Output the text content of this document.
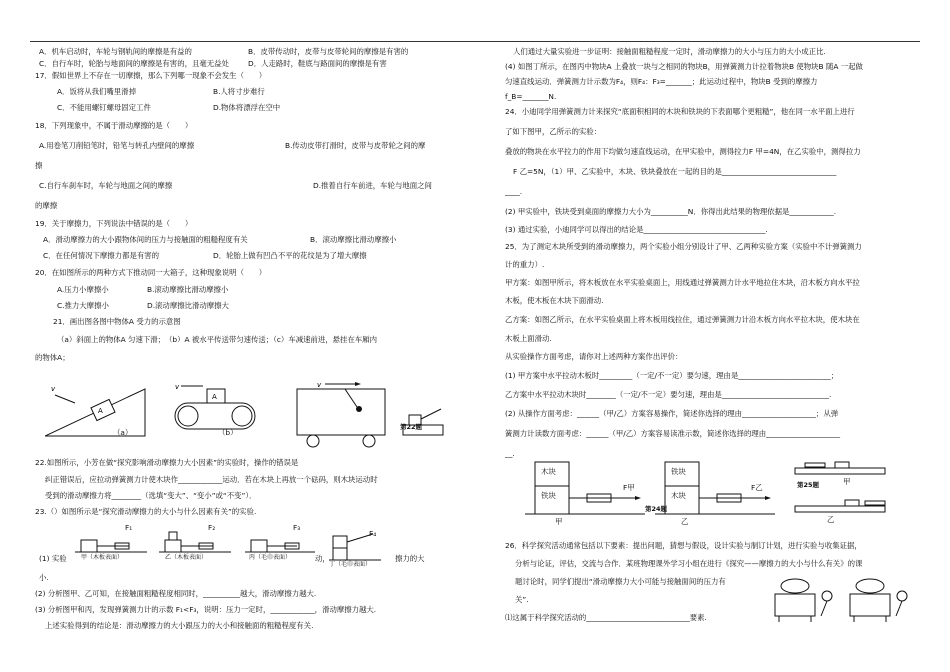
A．机车启动时，车轮与钢轨间的摩擦是有益的	B．皮带传动时，皮带与皮带轮间的摩擦是有害的
C．自行车时，轮胎与地面间的摩擦是有害的，且毫无益处	D．人走路时，鞋底与路面间的摩擦是有害
17．假如世界上不存在一切摩擦，那么下列哪一现象不会发生（　　）
A．饭将从我们嘴里滑掉	B.人将寸步难行
C．不能用螺钉螺母固定工件	D.物体将漂浮在空中
18．下列现象中，不属于滑动摩擦的是（　　）
A.用卷笔刀削铅笔时，铅笔与转孔内壁间的摩擦	B.传动皮带打滑时，皮带与皮带轮之间的摩
擦
C.自行车刹车时，车轮与地面之间的摩擦	D.推着自行车前进，车轮与地面之间
的摩擦
19．关于摩擦力，下列说法中错误的是（　　）
A．滑动摩擦力的大小跟物体间的压力与接触面的粗糙程度有关	B．滚动摩擦比滑动摩擦小
C．在任何情况下摩擦力都是有害的	D．轮胎上做有凹凸不平的花纹是为了增大摩擦
20．在如图所示的两种方式下推动同一大箱子，这种现象说明（　　）
A.压力小摩擦小	B.滚动摩擦比滑动摩擦小
C.推力大摩擦小	D.滚动摩擦比滑动摩擦大
21．画出图各图中物体A 受力的示意图
（a）斜面上的物体A 匀速下滑；　（b）A 被水平传送带匀速传送；（c）车减速前进，悬挂在车厢内
的物体A；
A
v
A
v	v
（a）	（b）
第22题
22.如图所示，小芳在做“探究影响滑动摩擦力大小因素”的实验时，操作的错误是
纠正错误后，应拉动弹簧测力计使木块作____________运动．若在木块上再放一个砝码，则木块运动时
受到的滑动摩擦力将________（选填“变大”、“变小”或“不变”）．
23.（）如图所示是“探究滑动摩擦力的大小与什么因素有关”的实验.
F₁	F₂	F₃
F₄
(1) 实验 甲（木板表面）	乙（木板表面）	丙（毛巾表面）	动，
丁（毛巾表面）
擦力的大
小.
(2) 分析图甲、乙可知，在接触面粗糙程度相同时，__________越大，滑动摩擦力越大.
(3) 分析图甲和丙，发现弹簧测力计的示数 F₁<F₃，说明：压力一定时，____________，滑动摩擦力越大.
上述实验得到的结论是：滑动摩擦力的大小跟压力的大小和接触面的粗糙程度有关.
人们通过大量实验进一步证明：接触面粗糙程度一定时，滑动摩擦力的大小与压力的大小成正比.
(4) 如图丁所示，在图丙中物块A 上叠放一块与之相同的物块B，用弹簧测力计拉着物块B 使物块B 随A 一起做
匀速直线运动．弹簧测力计示数为F₄，则F₄：F₃=_______；此运动过程中，物块B 受到的摩擦力
f_B=_______N.
24．小迪同学用弹簧测力计来探究“底面积相同的木块和铁块的下表面哪个更粗糙”，他在同一水平面上进行
了如下图甲，乙所示的实验：
叠放的物块在水平拉力的作用下均做匀速直线运动，在甲实验中，测得拉力F 甲=4N，在乙实验中，测得拉力
F 乙=5N，（1）甲、乙实验中，木块、铁块叠放在一起的目的是_______________________________
____.
(2) 甲实验中，铁块受到桌面的摩擦力大小为__________N．你得出此结果的物理依据是____________.
(3) 通过实验，小迪同学可以得出的结论是_________________________________.
25．为了测定木块所受到的滑动摩擦力，两个实验小组分别设计了甲、乙两种实验方案（实验中不计弹簧测力
计的重力）.
甲方案：如图甲所示，将木板放在水平实验桌面上，用线通过弹簧测力计水平地拉住木块，沿木板方向水平拉
木板，使木板在木块下面滑动.
乙方案：如图乙所示，在水平实验桌面上将木板用线拉住，通过弹簧测力计沿木板方向水平拉木块，使木块在
木板上面滑动.
从实验操作方面考虑，请你对上述两种方案作出评价：
(1) 甲方案中水平拉动木板时_________（一定/不一定）要匀速，理由是_________________________；
乙方案中水平拉动木块时________（一定/不一定）要匀速，理由是_____________________________.
(2) 从操作方面考虑：______（甲/乙）方案容易操作，简述你选择的理由____________________；从弹
簧测力计读数方面考虑：______（甲/乙）方案容易读准示数，简述你选择的理由____________________
__.
木块
铁块
铁块
木块
F甲	F乙
甲
第24题
乙
第25题	甲
乙
26．科学探究活动通常包括以下要素：提出问题，猜想与假设，设计实验与制订计划，进行实验与收集证据，
分析与论证，评估，交流与合作．某班物理课外学习小组在进行《探究——摩擦力的大小与什么有关》的课
题讨论时，同学们提出“滑动摩擦力大小可能与接触面间的压力有
关”.
⑴这属于科学探究活动的____________________________要素.
